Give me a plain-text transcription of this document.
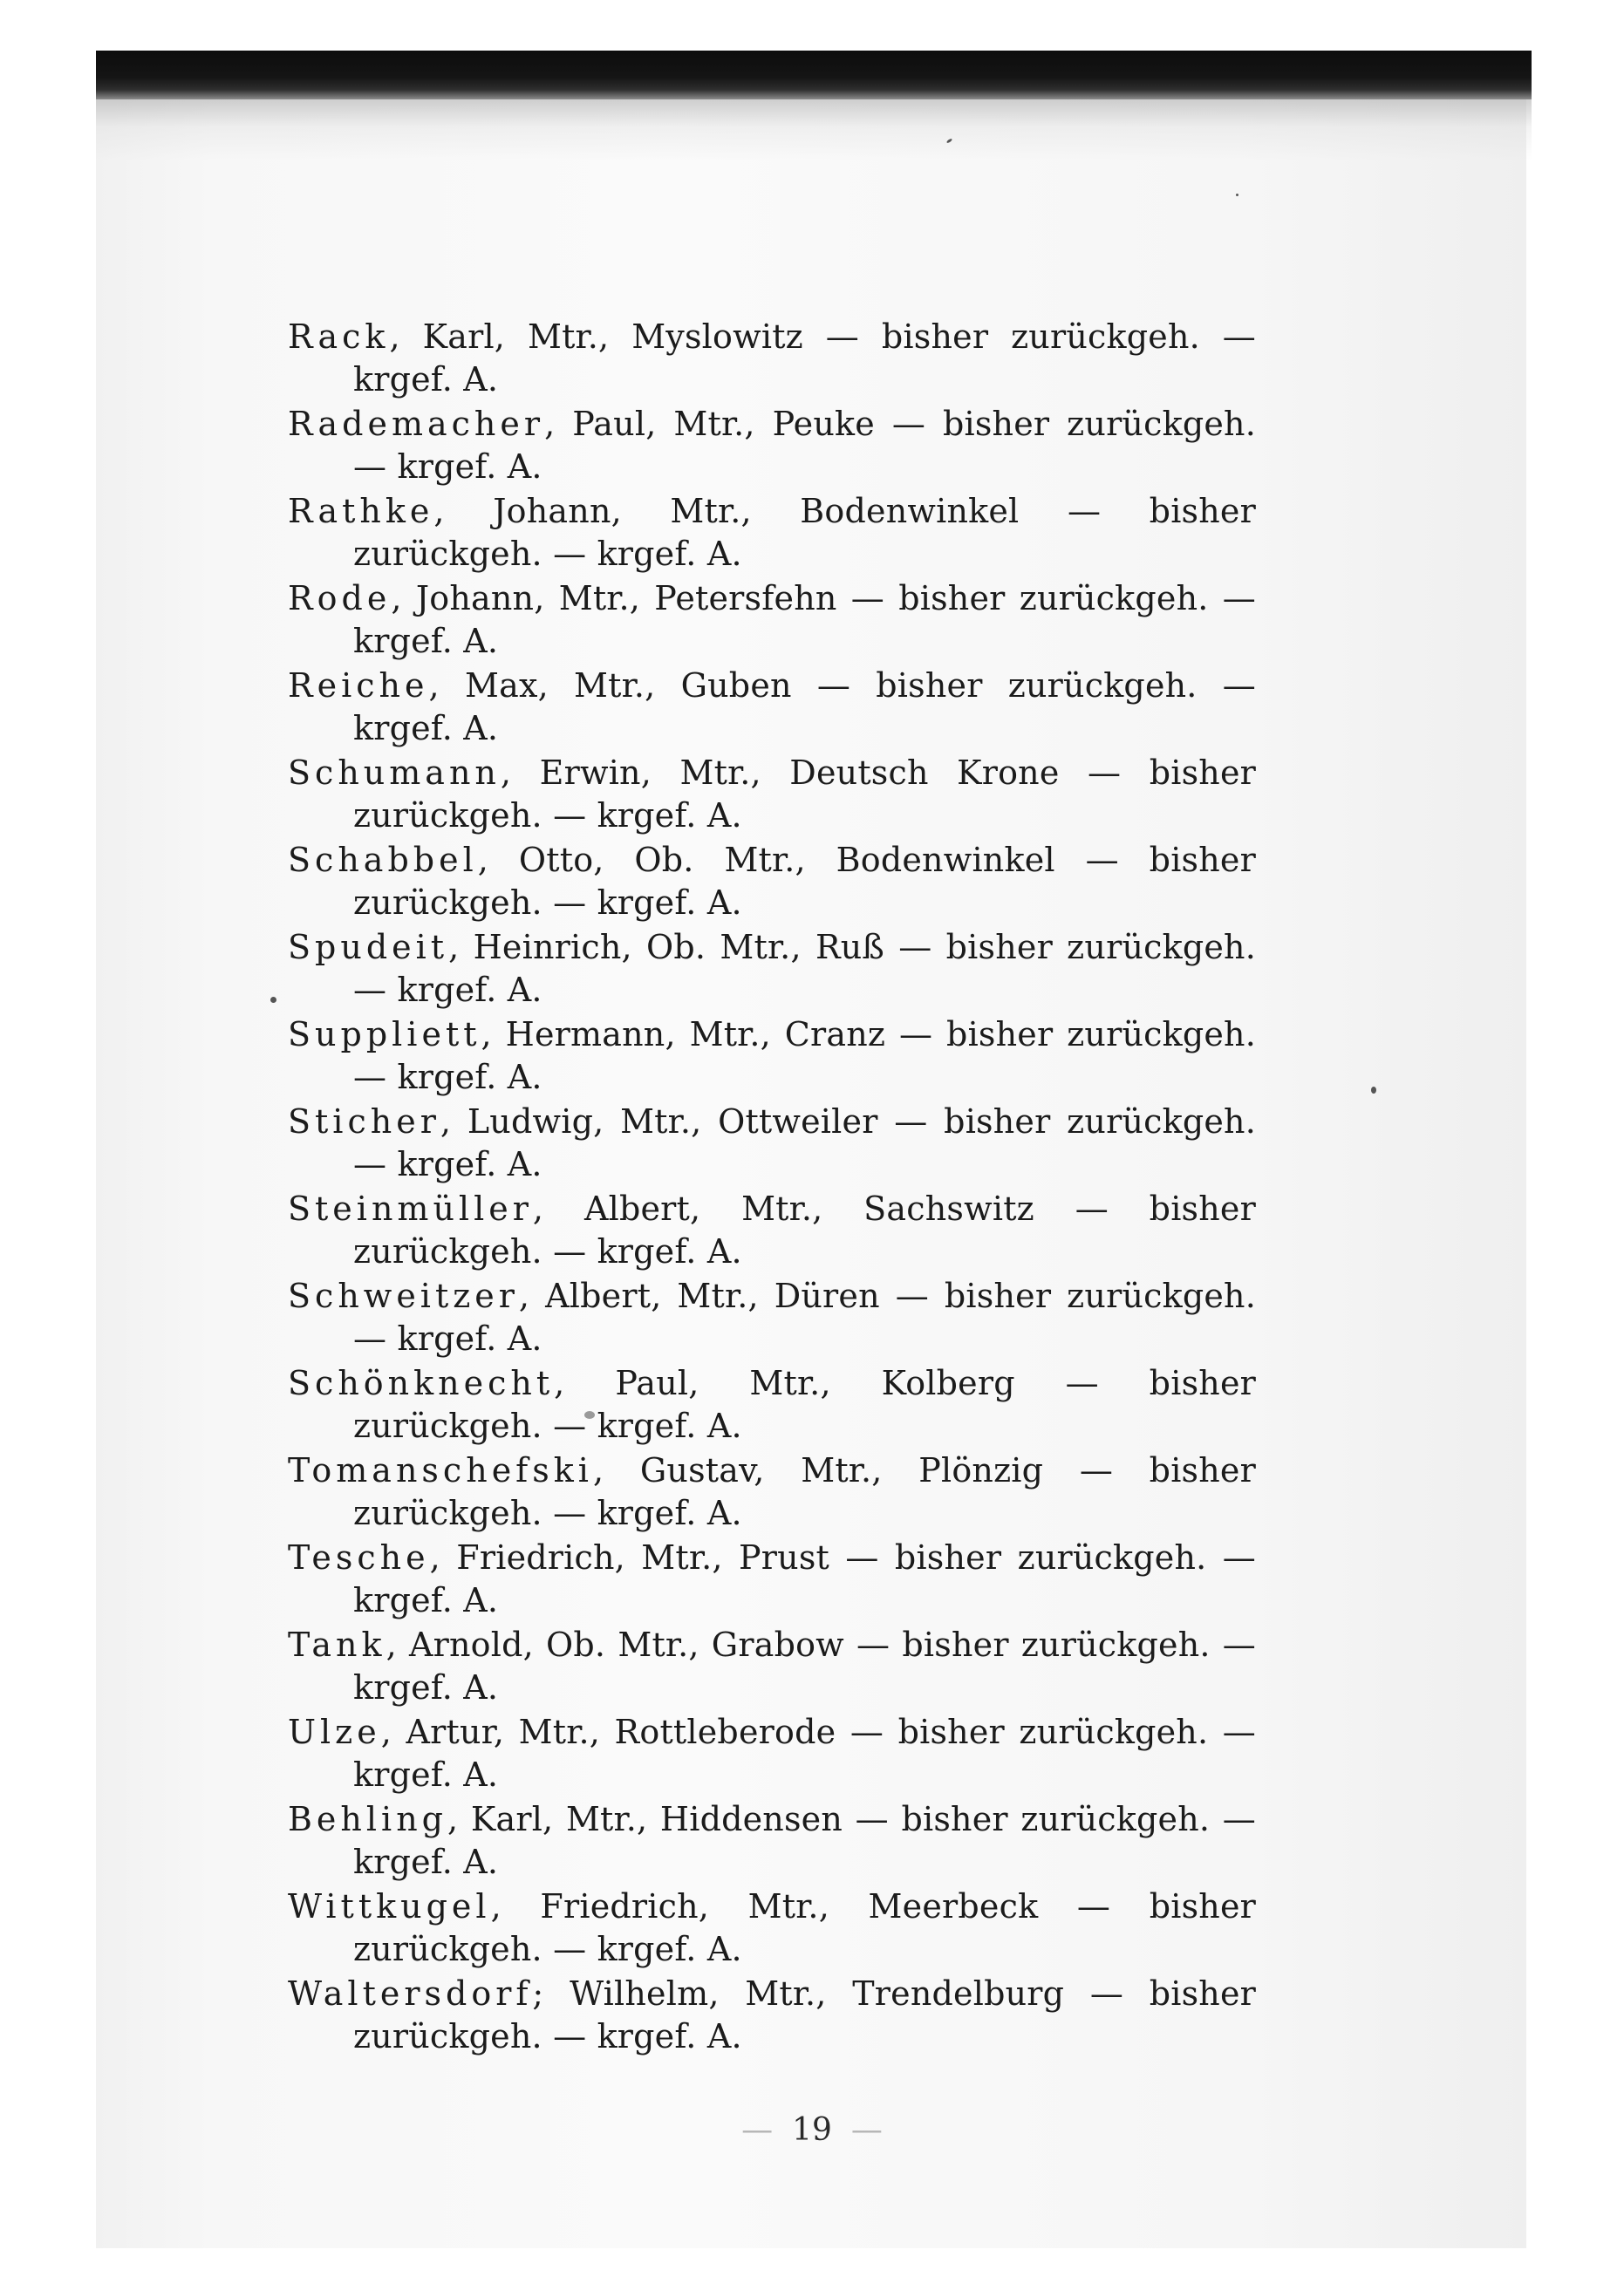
Rack, Karl, Mtr., Myslowitz — bisher zurückgeh. — krgef. A.

Rademacher, Paul, Mtr., Peuke — bisher zurückgeh. — krgef. A.

Rathke, Johann, Mtr., Bodenwinkel — bisher zurückgeh. — krgef. A.

Rode, Johann, Mtr., Petersfehn — bisher zurückgeh. — krgef. A.

Reiche, Max, Mtr., Guben — bisher zurückgeh. — krgef. A.

Schumann, Erwin, Mtr., Deutsch Krone — bisher zurückgeh. — krgef. A.

Schabbel, Otto, Ob. Mtr., Bodenwinkel — bisher zurückgeh. — krgef. A.

Spudeit, Heinrich, Ob. Mtr., Ruß — bisher zurückgeh. — krgef. A.

Suppliett, Hermann, Mtr., Cranz — bisher zurückgeh. — krgef. A.

Sticher, Ludwig, Mtr., Ottweiler — bisher zurückgeh. — krgef. A.

Steinmüller, Albert, Mtr., Sachswitz — bisher zurückgeh. — krgef. A.

Schweitzer, Albert, Mtr., Düren — bisher zurückgeh. — krgef. A.

Schönknecht, Paul, Mtr., Kolberg — bisher zurückgeh. — krgef. A.

Tomanschefski, Gustav, Mtr., Plönzig — bisher zurückgeh. — krgef. A.

Tesche, Friedrich, Mtr., Prust — bisher zurückgeh. — krgef. A.

Tank, Arnold, Ob. Mtr., Grabow — bisher zurückgeh. — krgef. A.

Ulze, Artur, Mtr., Rottleberode — bisher zurückgeh. — krgef. A.

Behling, Karl, Mtr., Hiddensen — bisher zurückgeh. — krgef. A.

Wittkugel, Friedrich, Mtr., Meerbeck — bisher zurückgeh. — krgef. A.

Waltersdorf; Wilhelm, Mtr., Trendelburg — bisher zurückgeh. — krgef. A.

— 19 —
